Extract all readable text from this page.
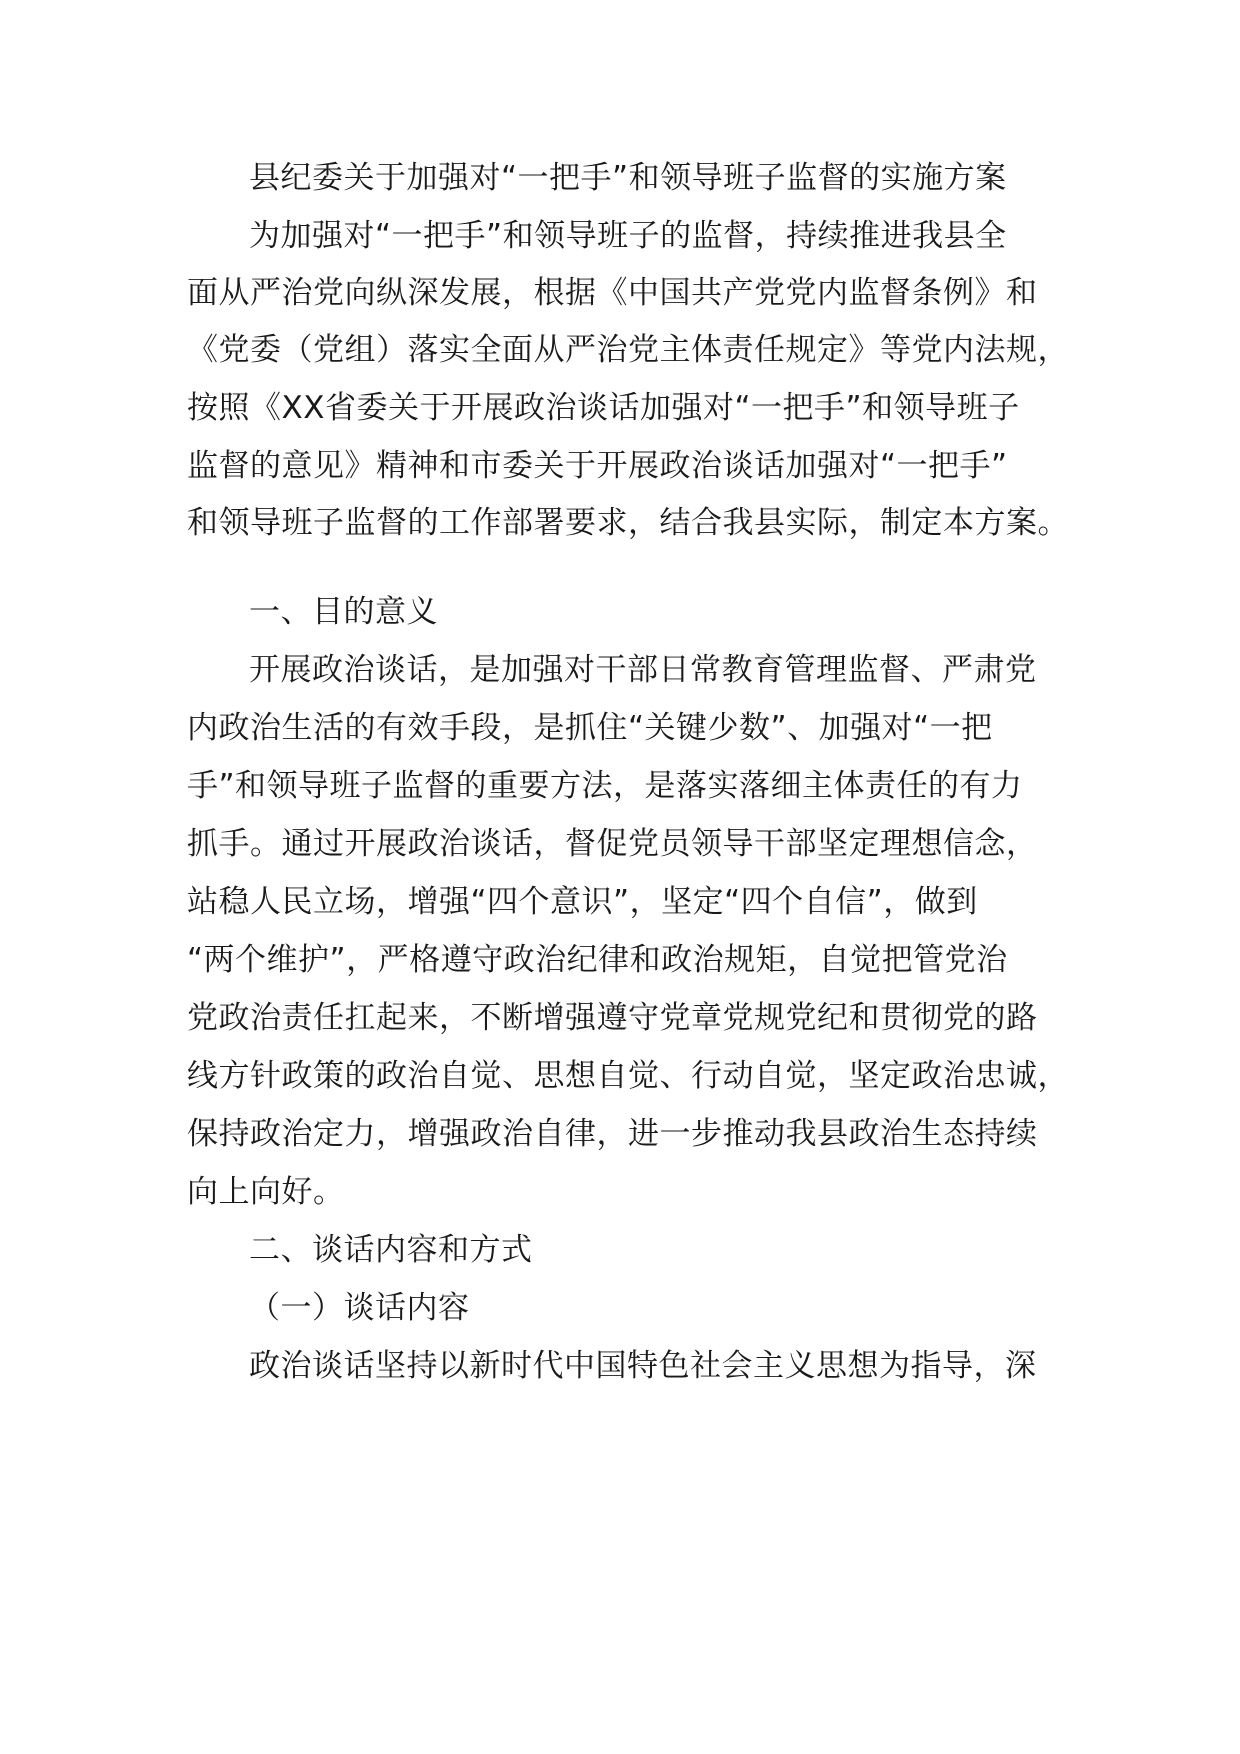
县纪委关于加强对“一把手”和领导班子监督的实施方案
为加强对“一把手”和领导班子的监督，持续推进我县全
面从严治党向纵深发展，根据《中国共产党党内监督条例》和
《党委（党组）落实全面从严治党主体责任规定》等党内法规，
按照《XX省委关于开展政治谈话加强对“一把手”和领导班子
监督的意见》精神和市委关于开展政治谈话加强对“一把手”
和领导班子监督的工作部署要求，结合我县实际，制定本方案。
一、目的意义
开展政治谈话，是加强对干部日常教育管理监督、严肃党
内政治生活的有效手段，是抓住“关键少数”、加强对“一把
手”和领导班子监督的重要方法，是落实落细主体责任的有力
抓手。通过开展政治谈话，督促党员领导干部坚定理想信念，
站稳人民立场，增强“四个意识”，坚定“四个自信”，做到
“两个维护”，严格遵守政治纪律和政治规矩，自觉把管党治
党政治责任扛起来，不断增强遵守党章党规党纪和贯彻党的路
线方针政策的政治自觉、思想自觉、行动自觉，坚定政治忠诚，
保持政治定力，增强政治自律，进一步推动我县政治生态持续
向上向好。
二、谈话内容和方式
（一）谈话内容
政治谈话坚持以新时代中国特色社会主义思想为指导，深
